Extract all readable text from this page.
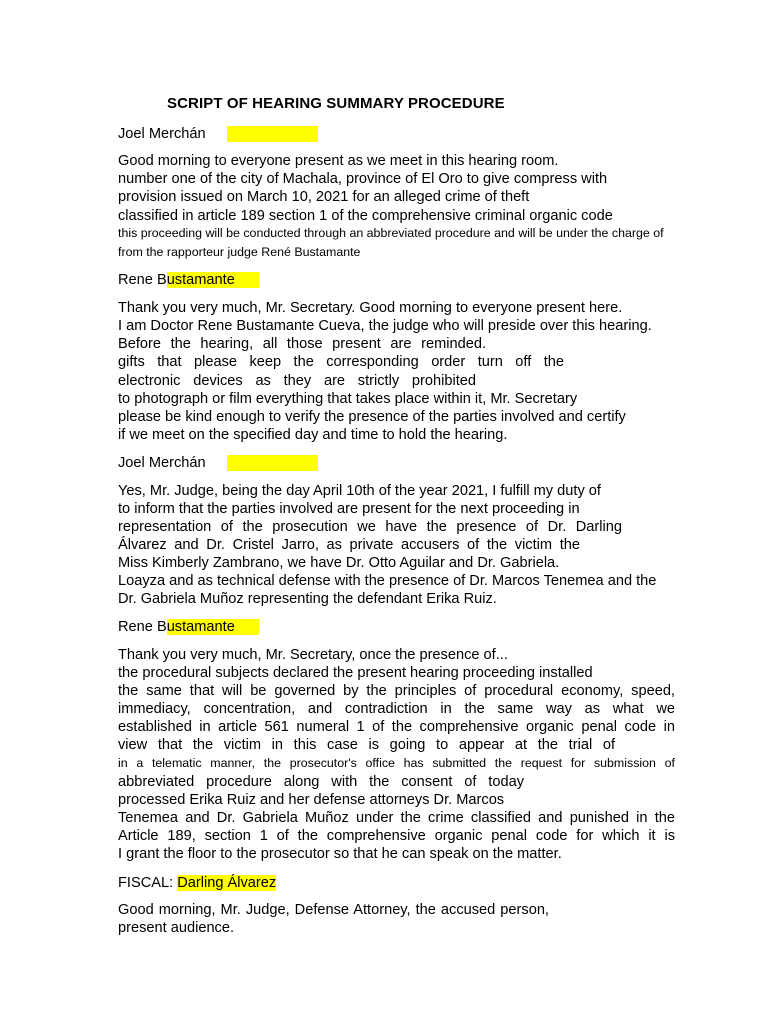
SCRIPT OF HEARING SUMMARY PROCEDURE
Joel Merchán
Good morning to everyone present as we meet in this hearing room.
number one of the city of Machala, province of El Oro to give compress with
provision issued on March 10, 2021 for an alleged crime of theft
classified in article 189 section 1 of the comprehensive criminal organic code
this proceeding will be conducted through an abbreviated procedure and will be under the charge of
from the rapporteur judge René Bustamante
Rene Bustamante
Thank you very much, Mr. Secretary. Good morning to everyone present here.
I am Doctor Rene Bustamante Cueva, the judge who will preside over this hearing.
Before the hearing, all those present are reminded.
gifts that please keep the corresponding order turn off the
electronic devices as they are strictly prohibited
to photograph or film everything that takes place within it, Mr. Secretary
please be kind enough to verify the presence of the parties involved and certify
if we meet on the specified day and time to hold the hearing.
Joel Merchán
Yes, Mr. Judge, being the day April 10th of the year 2021, I fulfill my duty of
to inform that the parties involved are present for the next proceeding in
representation of the prosecution we have the presence of Dr. Darling
Álvarez and Dr. Cristel Jarro, as private accusers of the victim the
Miss Kimberly Zambrano, we have Dr. Otto Aguilar and Dr. Gabriela.
Loayza and as technical defense with the presence of Dr. Marcos Tenemea and the
Dr. Gabriela Muñoz representing the defendant Erika Ruiz.
Rene Bustamante
Thank you very much, Mr. Secretary, once the presence of...
the procedural subjects declared the present hearing proceeding installed
the same that will be governed by the principles of procedural economy, speed,
immediacy, concentration, and contradiction in the same way as what we
established in article 561 numeral 1 of the comprehensive organic penal code in
view that the victim in this case is going to appear at the trial of
in a telematic manner, the prosecutor's office has submitted the request for submission of
abbreviated procedure along with the consent of today
processed Erika Ruiz and her defense attorneys Dr. Marcos
Tenemea and Dr. Gabriela Muñoz under the crime classified and punished in the
Article 189, section 1 of the comprehensive organic penal code for which it is
I grant the floor to the prosecutor so that he can speak on the matter.
FISCAL: Darling Álvarez
Good morning, Mr. Judge, Defense Attorney, the accused person,
present audience.
